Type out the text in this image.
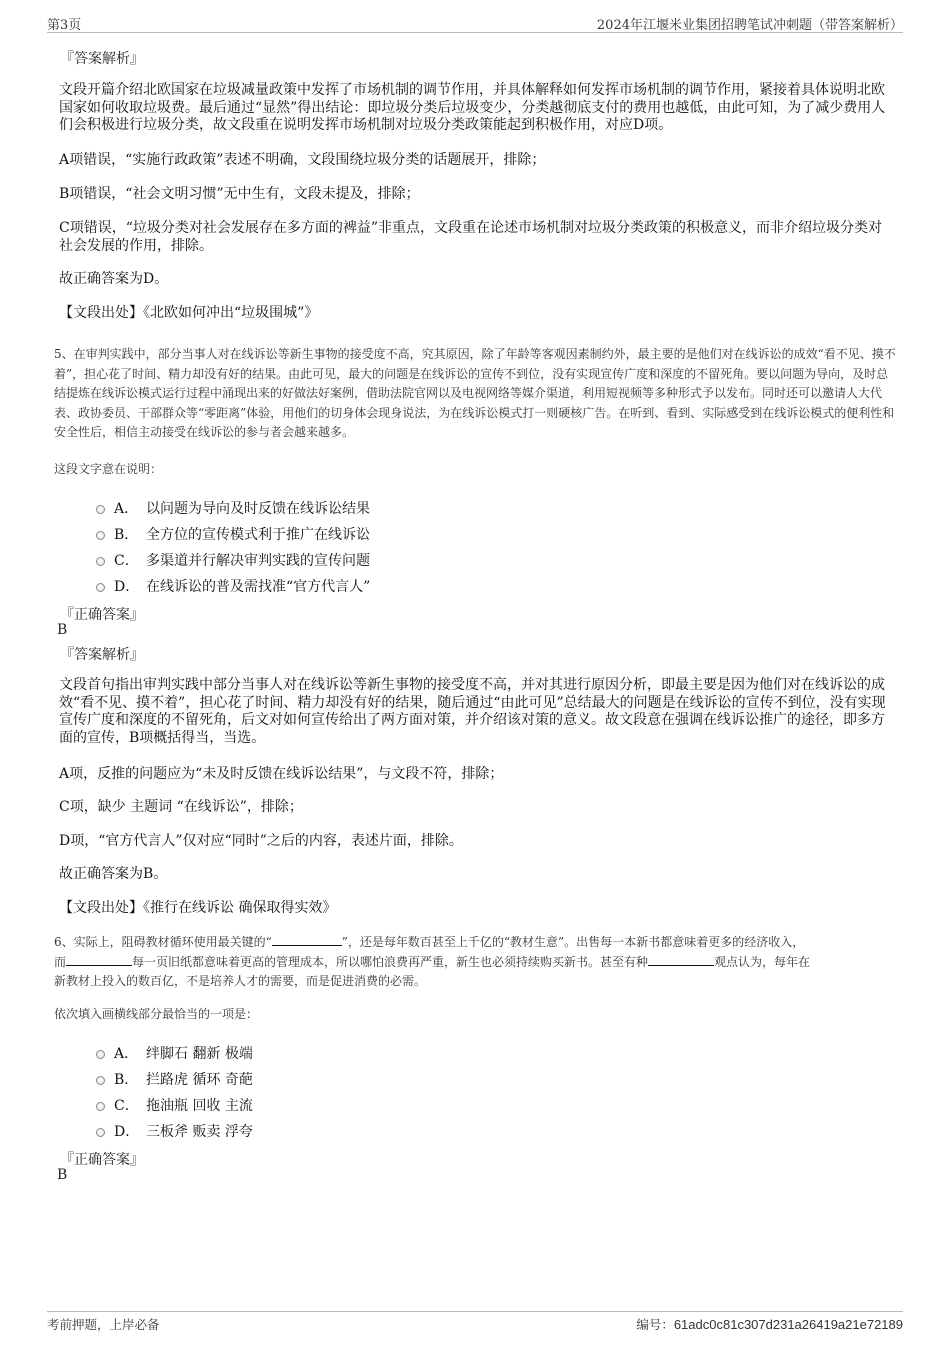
第3页	2024年江堰米业集团招聘笔试冲刺题（带答案解析）
『答案解析』
文段开篇介绍北欧国家在垃圾减量政策中发挥了市场机制的调节作用，并具体解释如何发挥市场机制的调节作用，紧接着具体说明北欧国家如何收取垃圾费。最后通过“显然”得出结论：即垃圾分类后垃圾变少，分类越彻底支付的费用也越低，由此可知，为了减少费用人们会积极进行垃圾分类，故文段重在说明发挥市场机制对垃圾分类政策能起到积极作用，对应D项。
A项错误，“实施行政政策”表述不明确，文段围绕垃圾分类的话题展开，排除；
B项错误，“社会文明习惯”无中生有，文段未提及，排除；
C项错误，“垃圾分类对社会发展存在多方面的裨益”非重点，文段重在论述市场机制对垃圾分类政策的积极意义，而非介绍垃圾分类对社会发展的作用，排除。
故正确答案为D。
【文段出处】《北欧如何冲出“垃圾围城”》
5、在审判实践中，部分当事人对在线诉讼等新生事物的接受度不高，究其原因，除了年龄等客观因素制约外，最主要的是他们对在线诉讼的成效“看不见、摸不着”，担心花了时间、精力却没有好的结果。由此可见，最大的问题是在线诉讼的宣传不到位，没有实现宣传广度和深度的不留死角。要以问题为导向，及时总结提炼在线诉讼模式运行过程中涌现出来的好做法好案例，借助法院官网以及电视网络等媒介渠道，利用短视频等多种形式予以发布。同时还可以邀请人大代表、政协委员、干部群众等“零距离”体验，用他们的切身体会现身说法，为在线诉讼模式打一则硬核广告。在听到、看到、实际感受到在线诉讼模式的便利性和安全性后，相信主动接受在线诉讼的参与者会越来越多。
这段文字意在说明：
A． 以问题为导向及时反馈在线诉讼结果
B． 全方位的宣传模式利于推广在线诉讼
C． 多渠道并行解决审判实践的宣传问题
D． 在线诉讼的普及需找准“官方代言人”
『正确答案』
B
『答案解析』
文段首句指出审判实践中部分当事人对在线诉讼等新生事物的接受度不高，并对其进行原因分析，即最主要是因为他们对在线诉讼的成效“看不见、摸不着”，担心花了时间、精力却没有好的结果，随后通过“由此可见”总结最大的问题是在线诉讼的宣传不到位，没有实现宣传广度和深度的不留死角，后文对如何宣传给出了两方面对策，并介绍该对策的意义。故文段意在强调在线诉讼推广的途径，即多方面的宣传，B项概括得当，当选。
A项，反推的问题应为“未及时反馈在线诉讼结果”，与文段不符，排除；
C项，缺少 主题词 “在线诉讼”，排除；
D项，“官方代言人”仅对应“同时”之后的内容，表述片面，排除。
故正确答案为B。
【文段出处】《推行在线诉讼 确保取得实效》
6、实际上，阻碍教材循环使用最关键的“	”，还是每年数百甚至上千亿的“教材生意”。出售每一本新书都意味着更多的经济收入，
而	每一页旧纸都意味着更高的管理成本，所以哪怕浪费再严重，新生也必须持续购买新书。甚至有种	观点认为，每年在
新教材上投入的数百亿，不是培养人才的需要，而是促进消费的必需。
依次填入画横线部分最恰当的一项是：
A． 绊脚石 翻新 极端
B． 拦路虎 循环 奇葩
C． 拖油瓶 回收 主流
D． 三板斧 贩卖 浮夸
『正确答案』
B
考前押题，上岸必备	编号：61adc0c81c307d231a26419a21e72189
